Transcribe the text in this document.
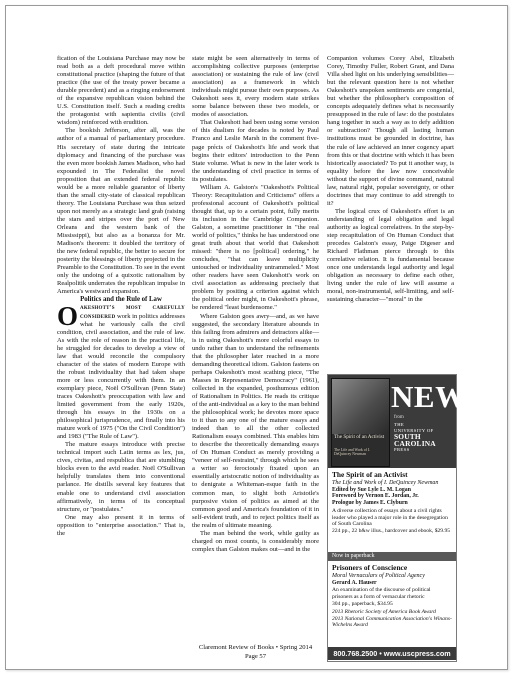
fication of the Louisiana Purchase may now be read both as a deft procedural move within constitutional practice (shaping the future of that practice (the use of the treaty power became a durable precedent) and as a ringing endorsement of the expansive republican vision behind the U.S. Constitution itself. Such a reading credits the protagonist with sapientia civilis (civil wisdom) reinforced with erudition.

The bookish Jefferson, after all, was the author of a manual of parliamentary procedure. His secretary of state during the intricate diplomacy and financing of the purchase was the even more bookish James Madison, who had expounded in The Federalist the novel proposition that an extended federal republic would be a more reliable guarantor of liberty than the small city-state of classical republican theory. The Louisiana Purchase was thus seized upon not merely as a strategic land grab (raising the stars and stripes over the port of New Orleans and the western bank of the Mississippi), but also as a bonanza for Mr. Madison's theorem: it doubled the territory of the new federal republic, the better to secure for posterity the blessings of liberty projected in the Preamble to the Constitution. To see in the event only the undoing of a quixotic rationalism by Realpolitik underrates the republican impulse in America's westward expansion.

Politics and the Rule of Law

Oakeshott's most carefully considered work in politics addresses what he variously calls the civil condition, civil association, and the rule of law. As with the role of reason in the practical life, he struggled for decades to develop a view of law that would reconcile the compulsory character of the states of modern Europe with the robust individuality that had taken shape more or less concurrently with them. In an exemplary piece, Noël O'Sullivan (Penn State) traces Oakeshott's preoccupation with law and limited government from the early 1920s, through his essays in the 1930s on a philosophical jurisprudence, and finally into his mature work of 1975 ("On the Civil Condition") and 1983 ("The Rule of Law").

The mature essays introduce with precise technical import such Latin terms as lex, jus, cives, civitas, and respublica that are stumbling blocks even to the avid reader. Noël O'Sullivan helpfully translates them into conventional parlance. He distills several key features that enable one to understand civil association affirmatively, in terms of its conceptual structure, or "postulates."

One may also present it in terms of opposition to "enterprise association." That is, the

state might be seen alternatively in terms of accomplishing collective purposes (enterprise association) or sustaining the rule of law (civil association) as a framework in which individuals might pursue their own purposes. As Oakeshott sees it, every modern state strikes some balance between these two models, or modes of association.

That Oakeshott had been using some version of this dualism for decades is noted by Paul Franco and Leslie Marsh in the comment five-page précis of Oakeshott's life and work that begins their editors' introduction to the Penn State volume. What is new in the later work is the understanding of civil practice in terms of its postulates.

William A. Galston's "Oakeshott's Political Theory: Recapitulation and Criticisms" offers a professional account of Oakeshott's political thought that, up to a certain point, fully merits its inclusion in the Cambridge Companion. Galston, a sometime practitioner in "the real world of politics," thinks he has understood one great truth about that world that Oakeshott missed: "there is no [political] ordering," he concludes, "that can leave multiplicity untouched or individuality untrammeled." Most other readers have seen Oakeshott's work on civil association as addressing precisely that problem by positing a criterion against which the political order might, in Oakeshott's phrase, be rendered "least burdensome."

Where Galston goes awry—and, as we have suggested, the secondary literature abounds in this failing from admirers and detractors alike—is in using Oakeshott's more colorful essays to undo rather than to understand the refinements that the philosopher later reached in a more demanding theoretical idiom. Galston fastens on perhaps Oakeshott's most scathing piece, "The Masses in Representative Democracy" (1961), collected in the expanded, posthumous edition of Rationalism in Politics. He reads its critique of the anti-individual as a key to the man behind the philosophical work; he devotes more space to it than to any one of the mature essays and indeed than to all the other collected Rationalism essays combined. This enables him to describe the theoretically demanding essays of On Human Conduct as merely providing a "veneer of self-restraint," through which he sees a writer so ferociously fixated upon an essentially aristocratic notion of individuality as to denigrate a Whiteman-esque faith in the common man, to slight both Aristotle's purposive vision of politics as aimed at the common good and America's foundation of it in self-evident truth, and to reject politics itself as the realm of ultimate meaning.

The man behind the work, while guilty as charged on most counts, is considerably more complex than Galston makes out—and in the

Companion volumes Corey Abel, Elizabeth Corey, Timothy Fuller, Robert Grant, and Dana Villa shed light on his underlying sensibilities—but the relevant question here is not whether Oakeshott's unspoken sentiments are congenial, but whether the philosopher's composition of concepts adequately defines what is necessarily presupposed in the rule of law: do the postulates hang together in such a way as to defy addition or subtraction? Though all lasting human institutions must be grounded in doctrine, has the rule of law achieved an inner cogency apart from this or that doctrine with which it has been historically associated? To put it another way, is equality before the law now conceivable without the support of divine command, natural law, natural right, popular sovereignty, or other doctrines that may continue to add strength to it?

The logical crux of Oakeshott's effort is an understanding of legal obligation and legal authority as logical correlatives. In the step-by-step recapitulation of On Human Conduct that precedes Galston's essay, Paige Digeser and Richard Flathman pierce through to this correlative relation. It is fundamental because once one understands legal authority and legal obligation as necessary to define each other, living under the rule of law will assume a moral, non-instrumental, self-limiting, and self-sustaining character—"moral" in the

The Spirit of an Activist
The Life and Work of I. DeQuincey Newman
NEW
from
THE
UNIVERSITY OF
SOUTH CAROLINA
PRESS
The Spirit of an Activist
The Life and Work of I. DeQuincey Newman
Edited by Sue Lyle L. M. Logan
Foreword by Vernon E. Jordan, Jr.
Prologue by James E. Clyburn
A diverse collection of essays about a civil rights leader who played a major role in the desegregation of South Carolina
224 pp., 22 b&w illus., hardcover and ebook, $29.95
Now in paperback
Prisoners of Conscience
Moral Vernaculars of Political Agency
Gerard A. Hauser
An examination of the discourse of political prisoners as a form of vernacular rhetoric
304 pp., paperback, $34.95
2013 Rhetoric Society of America Book Award
2013 National Communication Association's Winans-Wichelns Award
800.768.2500 • www.uscpress.com
Claremont Review of Books • Spring 2014
Page 57
